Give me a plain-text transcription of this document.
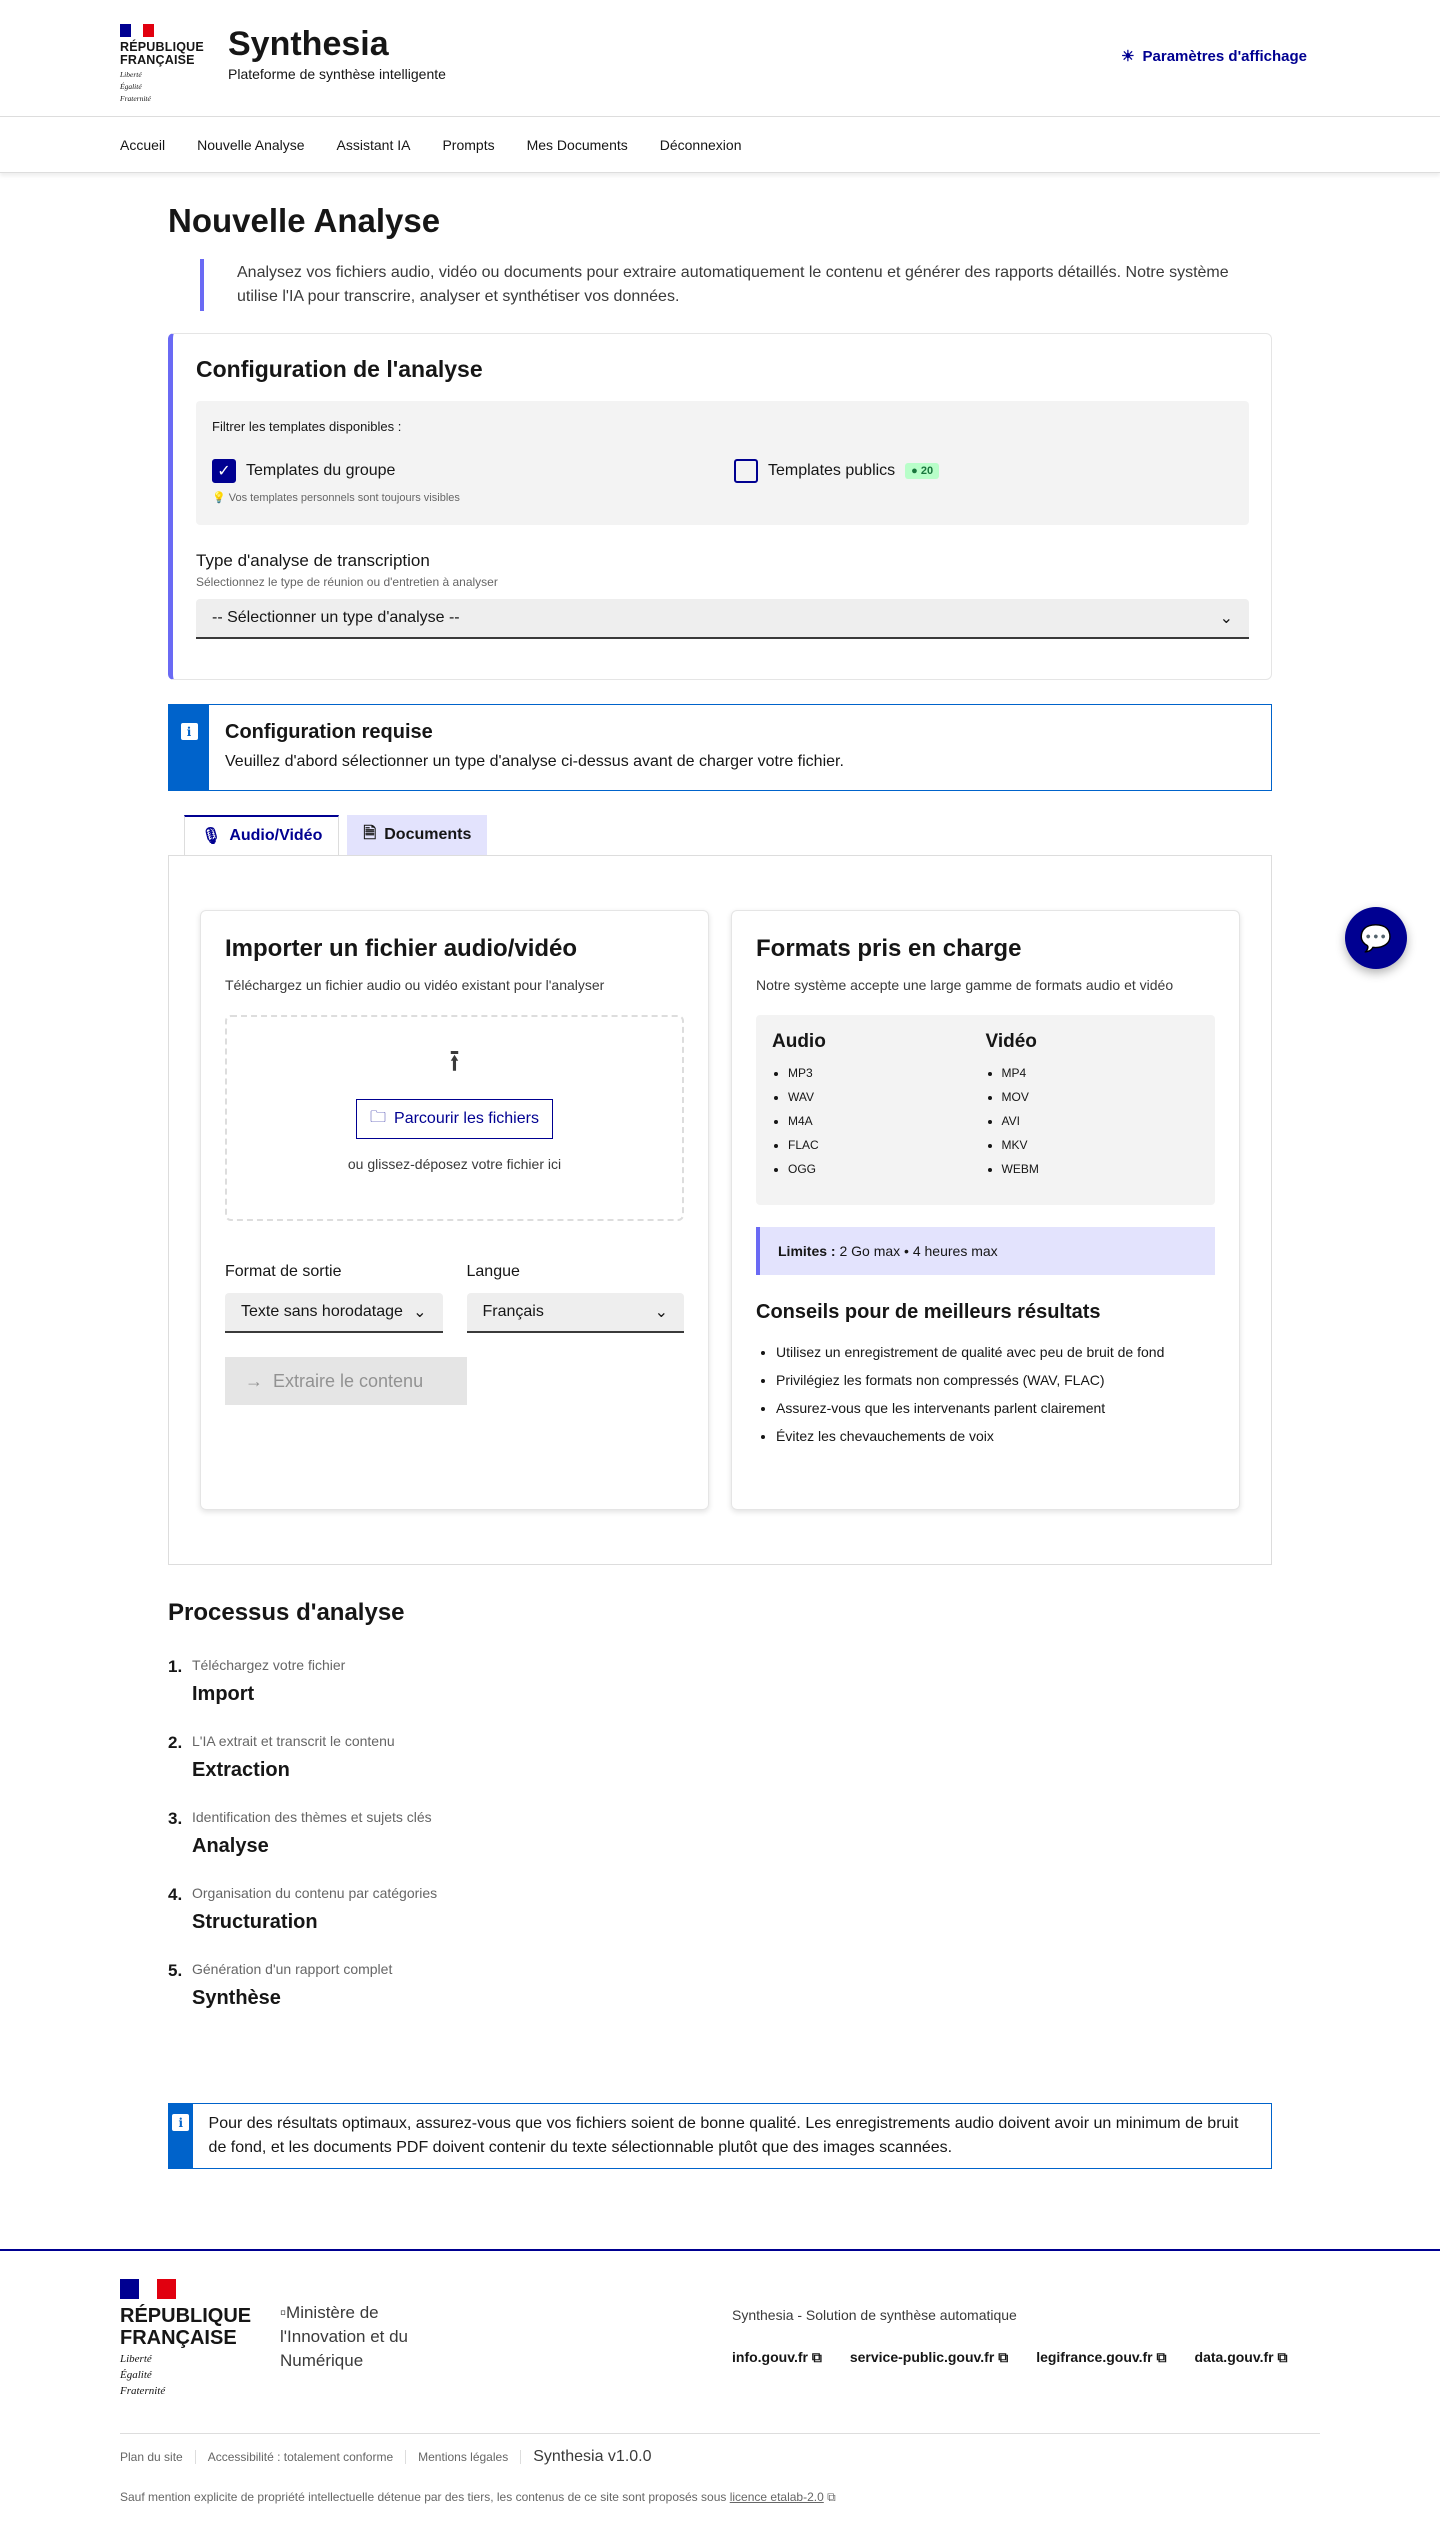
RÉPUBLIQUE
FRANÇAISE
Liberté
Égalité
Fraternité
Synthesia
Plateforme de synthèse intelligente
☀ Paramètres d'affichage
Accueil Nouvelle Analyse Assistant IA Prompts Mes Documents Déconnexion
Nouvelle Analyse

Analysez vos fichiers audio, vidéo ou documents pour extraire automatiquement le contenu et générer des rapports détaillés. Notre système utilise l'IA pour transcrire, analyser et synthétiser vos données.

Configuration de l'analyse
Filtrer les templates disponibles :
✓ Templates du groupe	Templates publics ● 20
💡 Vos templates personnels sont toujours visibles
Type d'analyse de transcription
Sélectionnez le type de réunion ou d'entretien à analyser
-- Sélectionner un type d'analyse --	⌄
i	Configuration requise
Veuillez d'abord sélectionner un type d'analyse ci-dessus avant de charger votre fichier.
🎙 Audio/Vidéo	🗎 Documents
Importer un fichier audio/vidéo

Téléchargez un fichier audio ou vidéo existant pour l'analyser

⭱
🗀 Parcourir les fichiers
ou glissez-déposez votre fichier ici
Format de sortie
Texte sans horodatage ⌄
Langue
Français	⌄
→ Extraire le contenu
Formats pris en charge

Notre système accepte une large gamme de formats audio et vidéo

Audio
• MP3
• WAV
• M4A
• FLAC
• OGG
Vidéo
• MP4
• MOV
• AVI
• MKV
• WEBM
Limites :
2 Go max • 4 heures max
Conseils pour de meilleurs résultats
• Utilisez un enregistrement de qualité avec peu de bruit de fond
• Privilégiez les formats non compressés (WAV, FLAC)
• Assurez-vous que les intervenants parlent clairement
• Évitez les chevauchements de voix
Processus d'analyse
1. Téléchargez votre fichier
Import
2. L'IA extrait et transcrit le contenu
Extraction
3. Identification des thèmes et sujets clés
Analyse
4. Organisation du contenu par catégories
Structuration
5. Génération d'un rapport complet
Synthèse
i	Pour des résultats optimaux, assurez-vous que vos fichiers soient de bonne qualité. Les enregistrements audio doivent avoir un minimum de bruit de fond, et les documents PDF doivent contenir du texte sélectionnable plutôt que des images scannées.
RÉPUBLIQUE
FRANÇAISE
Liberté
Égalité
Fraternité
▫Ministère de l'Innovation et du Numérique
Synthesia - Solution de synthèse automatique
info.gouv.fr ⧉ service-public.gouv.fr ⧉ legifrance.gouv.fr ⧉ data.gouv.fr ⧉
Plan du site Accessibilité : totalement conforme Mentions légales Synthesia v1.0.0
Sauf mention explicite de propriété intellectuelle détenue par des tiers, les contenus de ce site sont proposés sous licence etalab-2.0 ⧉
💬
